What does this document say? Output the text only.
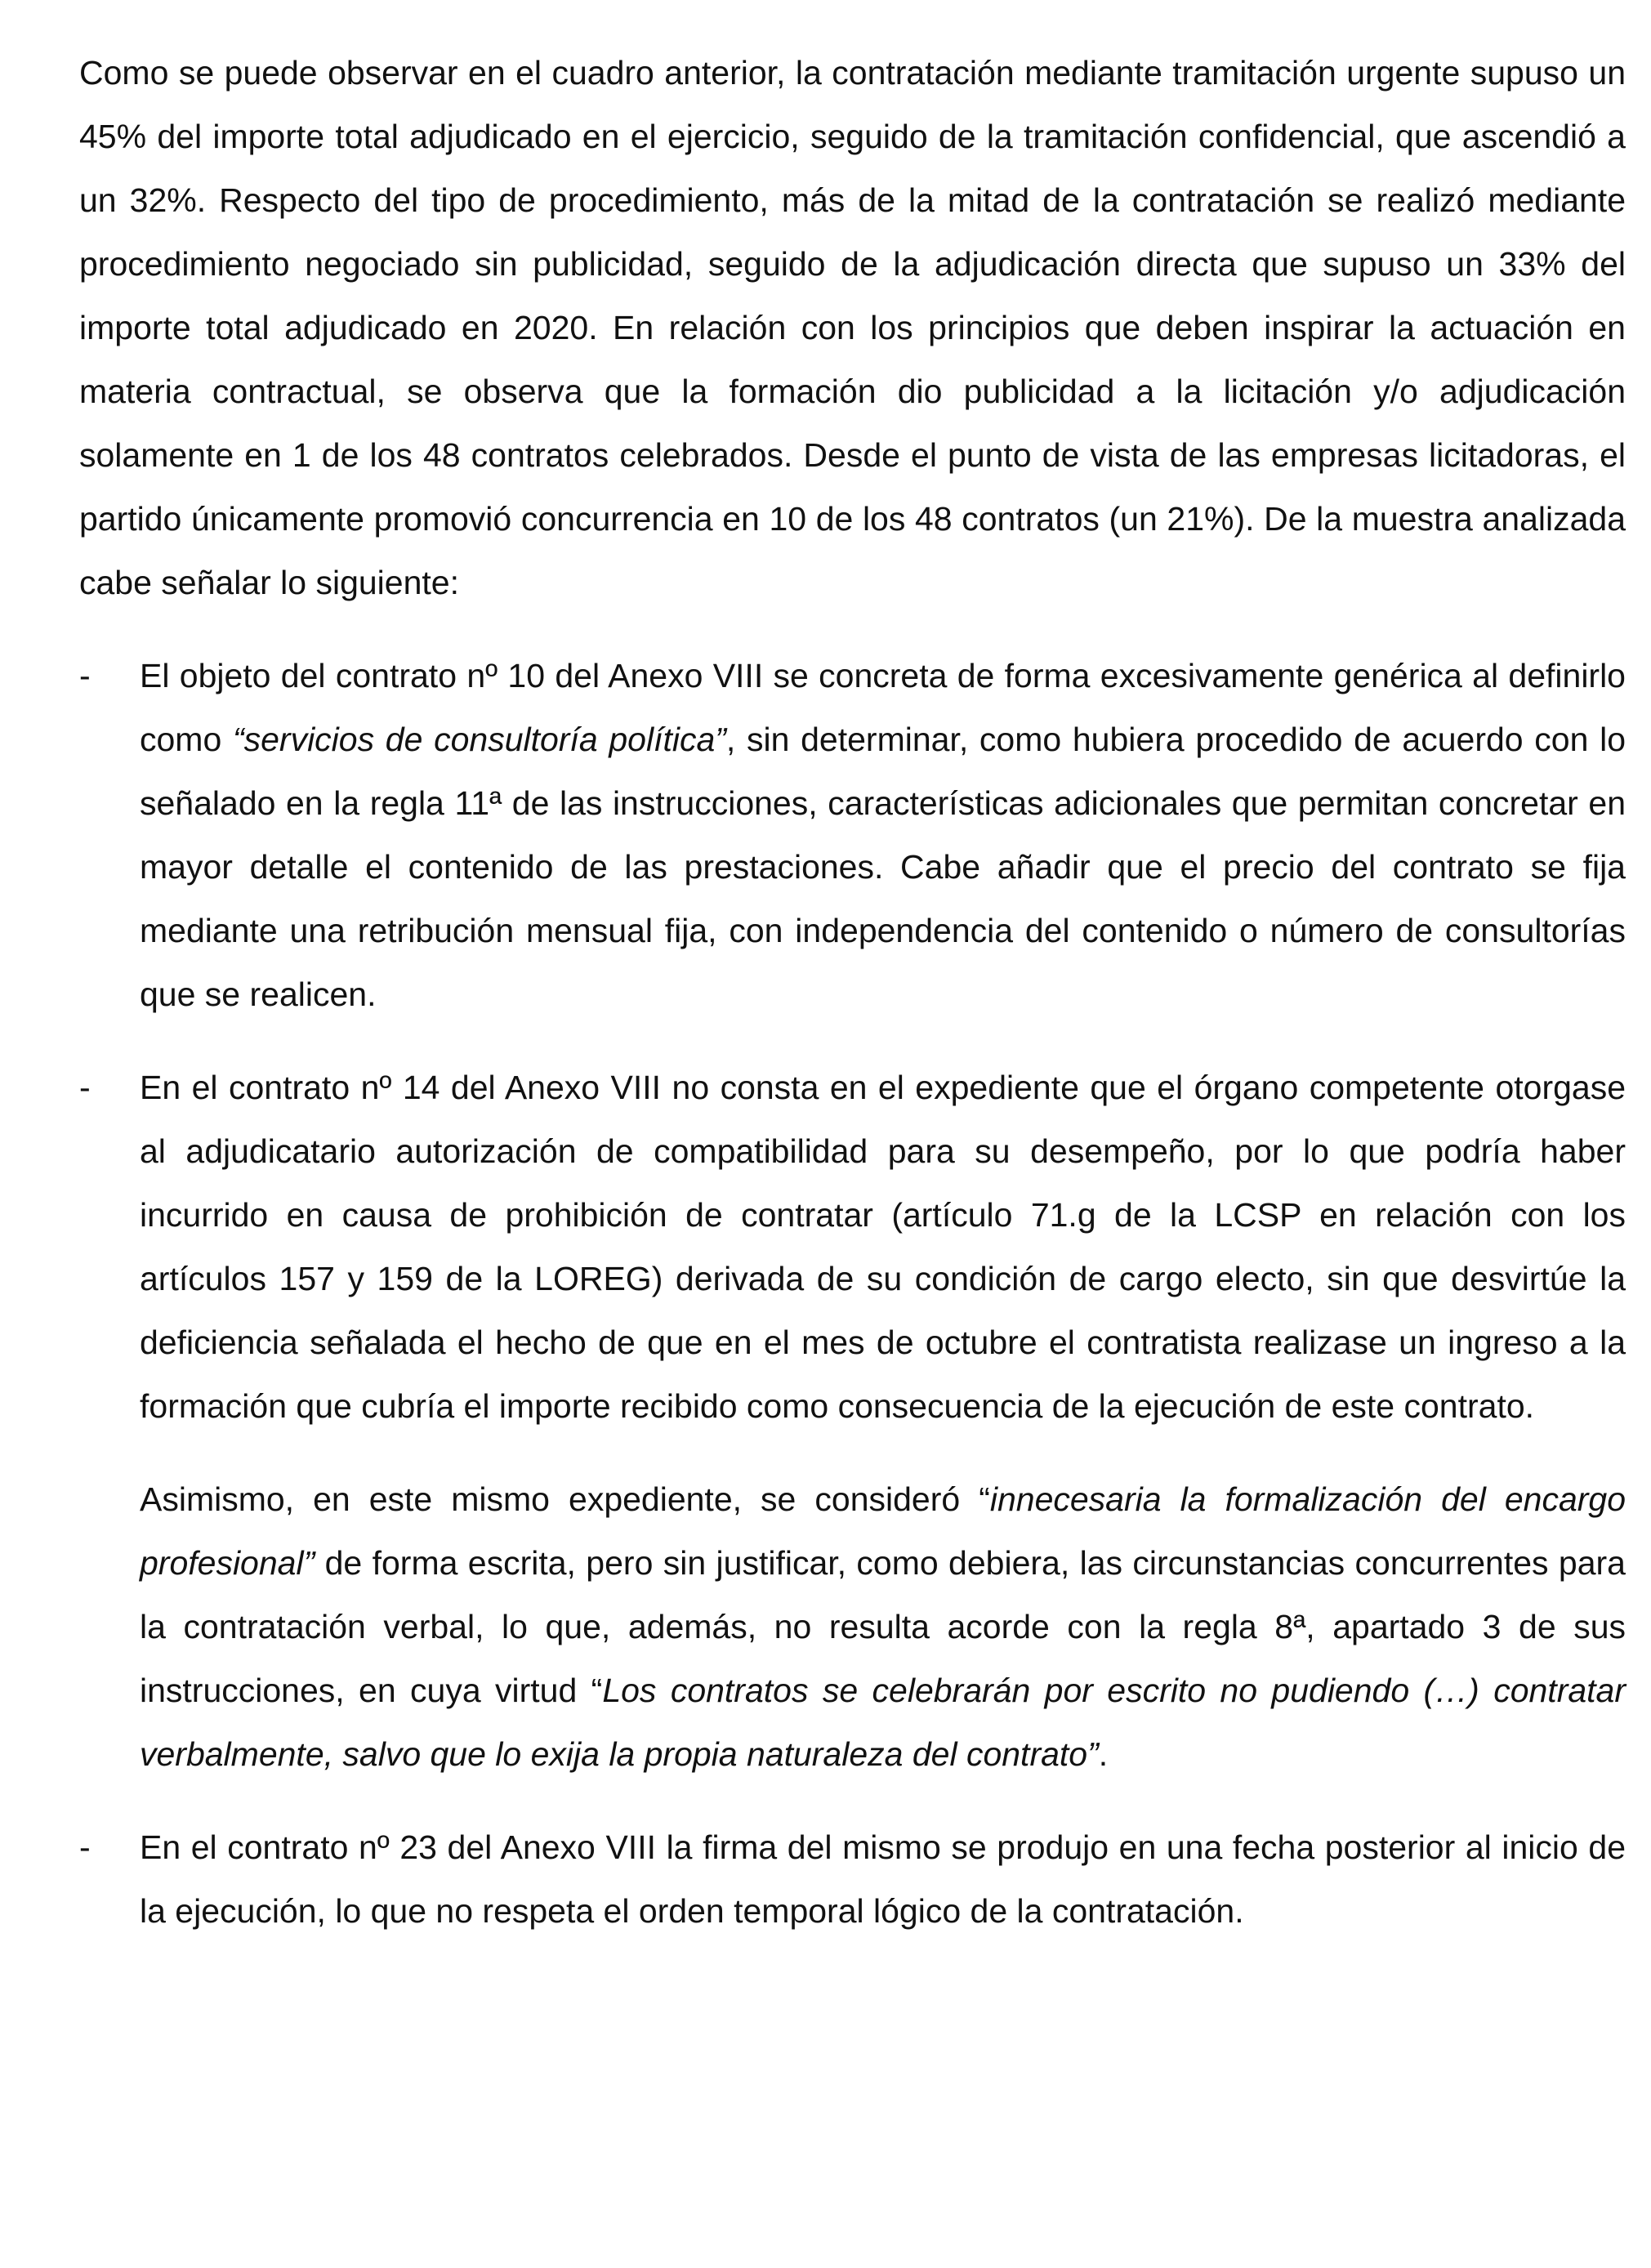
Como se puede observar en el cuadro anterior, la contratación mediante tramitación urgente supuso un 45% del importe total adjudicado en el ejercicio, seguido de la tramitación confidencial, que ascendió a un 32%. Respecto del tipo de procedimiento, más de la mitad de la contratación se realizó mediante procedimiento negociado sin publicidad, seguido de la adjudicación directa que supuso un 33% del importe total adjudicado en 2020. En relación con los principios que deben inspirar la actuación en materia contractual, se observa que la formación dio publicidad a la licitación y/o adjudicación solamente en 1 de los 48 contratos celebrados. Desde el punto de vista de las empresas licitadoras, el partido únicamente promovió concurrencia en 10 de los 48 contratos (un 21%). De la muestra analizada cabe señalar lo siguiente:

-	El objeto del contrato nº 10 del Anexo VIII se concreta de forma excesivamente genérica al definirlo como “servicios de consultoría política”, sin determinar, como hubiera procedido de acuerdo con lo señalado en la regla 11ª de las instrucciones, características adicionales que permitan concretar en mayor detalle el contenido de las prestaciones. Cabe añadir que el precio del contrato se fija mediante una retribución mensual fija, con independencia del contenido o número de consultorías que se realicen.

-	En el contrato nº 14 del Anexo VIII no consta en el expediente que el órgano competente otorgase al adjudicatario autorización de compatibilidad para su desempeño, por lo que podría haber incurrido en causa de prohibición de contratar (artículo 71.g de la LCSP en relación con los artículos 157 y 159 de la LOREG) derivada de su condición de cargo electo, sin que desvirtúe la deficiencia señalada el hecho de que en el mes de octubre el contratista realizase un ingreso a la formación que cubría el importe recibido como consecuencia de la ejecución de este contrato.

Asimismo, en este mismo expediente, se consideró “innecesaria la formalización del encargo profesional” de forma escrita, pero sin justificar, como debiera, las circunstancias concurrentes para la contratación verbal, lo que, además, no resulta acorde con la regla 8ª, apartado 3 de sus instrucciones, en cuya virtud “Los contratos se celebrarán por escrito no pudiendo (…) contratar verbalmente, salvo que lo exija la propia naturaleza del contrato”.

-	En el contrato nº 23 del Anexo VIII la firma del mismo se produjo en una fecha posterior al inicio de la ejecución, lo que no respeta el orden temporal lógico de la contratación.
